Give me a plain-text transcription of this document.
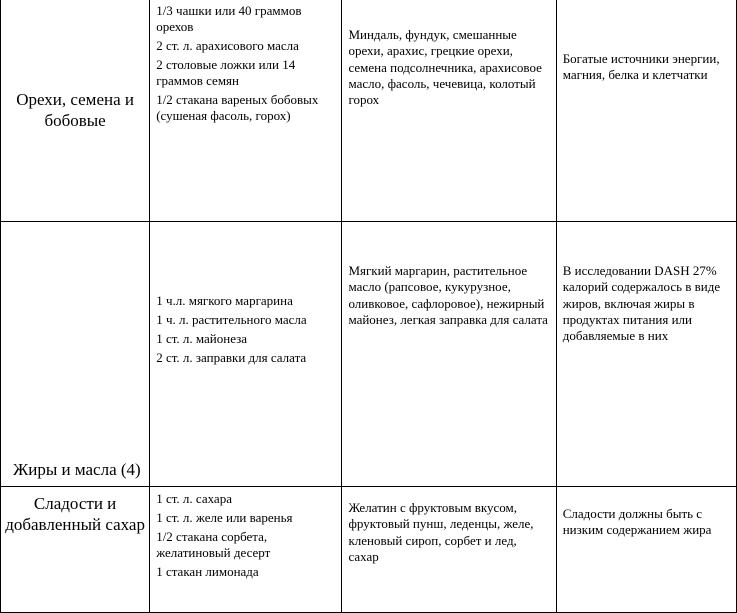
Орехи, семена и бобовые	1/3 чашки или 40 граммов орехов
2 ст. л. арахисового масла
2 столовые ложки или 14 граммов семян
1/2 стакана вареных бобовых (сушеная фасоль, горох)	Миндаль, фундук, смешанные орехи, арахис, грецкие орехи, семена подсолнечника, арахисовое масло, фасоль, чечевица, колотый горох	Богатые источники энергии, магния, белка и клетчатки
Жиры и масла (4)	1 ч.л. мягкого маргарина
1 ч. л. растительного масла
1 ст. л. майонеза
2 ст. л. заправки для салата	Мягкий маргарин, растительное масло (рапсовое, кукурузное, оливковое, сафлоровое), нежирный майонез, легкая заправка для салата	В исследовании DASH 27% калорий содержалось в виде жиров, включая жиры в продуктах питания или добавляемые в них
Сладости и добавленный сахар	1 ст. л. сахара
1 ст. л. желе или варенья
1/2 стакана сорбета, желатиновый десерт
1 стакан лимонада	Желатин с фруктовым вкусом, фруктовый пунш, леденцы, желе, кленовый сироп, сорбет и лед, сахар	Сладости должны быть с низким содержанием жира
